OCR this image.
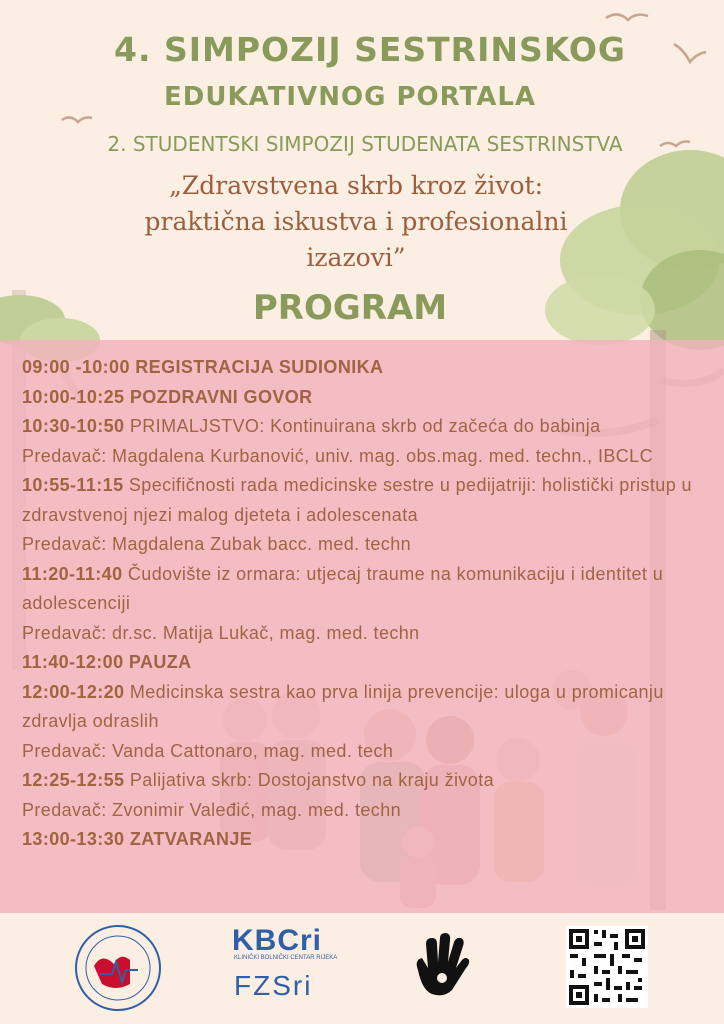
4. SIMPOZIJ SESTRINSKOG
EDUKATIVNOG PORTALA
2. STUDENTSKI SIMPOZIJ STUDENATA SESTRINSTVA
„Zdravstvena skrb kroz život:
praktična iskustva i profesionalni
izazovi”
PROGRAM
09:00 -10:00 REGISTRACIJA SUDIONIKA
10:00-10:25 POZDRAVNI GOVOR
10:30-10:50 PRIMALJSTVO: Kontinuirana skrb od začeća do babinja
Predavač: Magdalena Kurbanović, univ. mag. obs.mag. med. techn., IBCLC
10:55-11:15 Specifičnosti rada medicinske sestre u pedijatriji: holistički pristup u zdravstvenoj njezi malog djeteta i adolescenata
Predavač: Magdalena Zubak bacc. med. techn
11:20-11:40 Čudovište iz ormara: utjecaj traume na komunikaciju i identitet u adolescenciji
Predavač: dr.sc. Matija Lukač, mag. med. techn
11:40-12:00 PAUZA
12:00-12:20 Medicinska sestra kao prva linija prevencije: uloga u promicanju zdravlja odraslih
Predavač: Vanda Cattonaro, mag. med. tech
12:25-12:55 Palijativa skrb: Dostojanstvo na kraju života
Predavač: Zvonimir Valeđić, mag. med. techn
13:00-13:30 ZATVARANJE
KBCri
KLINIČKI BOLNIČKI CENTAR RIJEKA
FZSri
